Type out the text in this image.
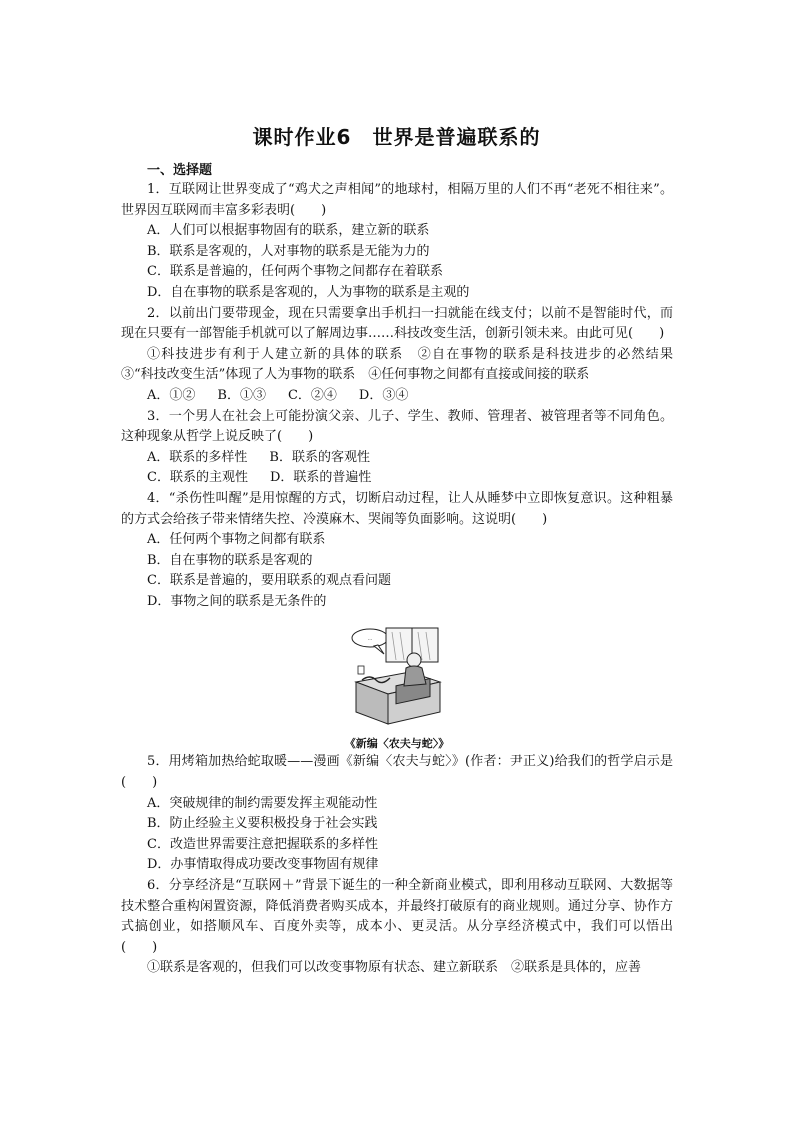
课时作业6　世界是普遍联系的
一、选择题

1．互联网让世界变成了“鸡犬之声相闻”的地球村，相隔万里的人们不再“老死不相往来”。世界因互联网而丰富多彩表明(　　)

A．人们可以根据事物固有的联系，建立新的联系

B．联系是客观的，人对事物的联系是无能为力的

C．联系是普遍的，任何两个事物之间都存在着联系

D．自在事物的联系是客观的，人为事物的联系是主观的

2．以前出门要带现金，现在只需要拿出手机扫一扫就能在线支付；以前不是智能时代，而现在只要有一部智能手机就可以了解周边事……科技改变生活，创新引领未来。由此可见(　　)

①科技进步有利于人建立新的具体的联系　②自在事物的联系是科技进步的必然结果　③“科技改变生活”体现了人为事物的联系　④任何事物之间都有直接或间接的联系

A．①② B．①③ C．②④ D．③④

3．一个男人在社会上可能扮演父亲、儿子、学生、教师、管理者、被管理者等不同角色。这种现象从哲学上说反映了(　　)

A．联系的多样性 B．联系的客观性

C．联系的主观性 D．联系的普遍性

4．“杀伤性叫醒”是用惊醒的方式，切断启动过程，让人从睡梦中立即恢复意识。这种粗暴的方式会给孩子带来情绪失控、冷漠麻木、哭闹等负面影响。这说明(　　)

A．任何两个事物之间都有联系

B．自在事物的联系是客观的

C．联系是普遍的，要用联系的观点看问题

D．事物之间的联系是无条件的

…
《新编〈农夫与蛇〉》

5．用烤箱加热给蛇取暖——漫画《新编〈农夫与蛇〉》(作者：尹正义)给我们的哲学启示是(　　)

A．突破规律的制约需要发挥主观能动性

B．防止经验主义要积极投身于社会实践

C．改造世界需要注意把握联系的多样性

D．办事情取得成功要改变事物固有规律

6．分享经济是“互联网＋”背景下诞生的一种全新商业模式，即利用移动互联网、大数据等技术整合重构闲置资源，降低消费者购买成本，并最终打破原有的商业规则。通过分享、协作方式搞创业，如搭顺风车、百度外卖等，成本小、更灵活。从分享经济模式中，我们可以悟出(　　)

①联系是客观的，但我们可以改变事物原有状态、建立新联系　②联系是具体的，应善
